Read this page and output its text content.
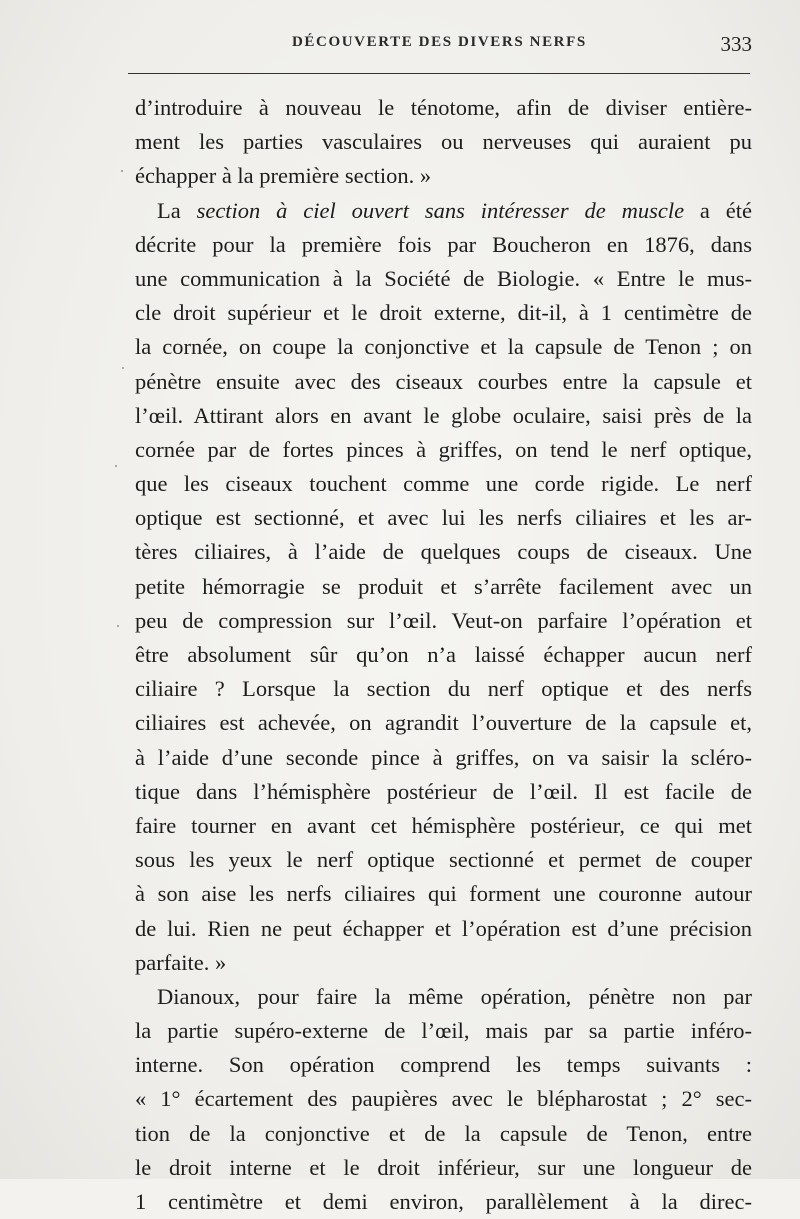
DÉCOUVERTE DES DIVERS NERFS	333
d’introduire à nouveau le ténotome, afin de diviser entière-
ment les parties vasculaires ou nerveuses qui auraient pu
échapper à la première section. »
La section à ciel ouvert sans intéresser de muscle a été
décrite pour la première fois par Boucheron en 1876, dans
une communication à la Société de Biologie. « Entre le mus-
cle droit supérieur et le droit externe, dit-il, à 1 centimètre de
la cornée, on coupe la conjonctive et la capsule de Tenon ; on
pénètre ensuite avec des ciseaux courbes entre la capsule et
l’œil. Attirant alors en avant le globe oculaire, saisi près de la
cornée par de fortes pinces à griffes, on tend le nerf optique,
que les ciseaux touchent comme une corde rigide. Le nerf
optique est sectionné, et avec lui les nerfs ciliaires et les ar-
tères ciliaires, à l’aide de quelques coups de ciseaux. Une
petite hémorragie se produit et s’arrête facilement avec un
peu de compression sur l’œil. Veut-on parfaire l’opération et
être absolument sûr qu’on n’a laissé échapper aucun nerf
ciliaire ? Lorsque la section du nerf optique et des nerfs
ciliaires est achevée, on agrandit l’ouverture de la capsule et,
à l’aide d’une seconde pince à griffes, on va saisir la scléro-
tique dans l’hémisphère postérieur de l’œil. Il est facile de
faire tourner en avant cet hémisphère postérieur, ce qui met
sous les yeux le nerf optique sectionné et permet de couper
à son aise les nerfs ciliaires qui forment une couronne autour
de lui. Rien ne peut échapper et l’opération est d’une précision
parfaite. »
Dianoux, pour faire la même opération, pénètre non par
la partie supéro-externe de l’œil, mais par sa partie inféro-
interne. Son opération comprend les temps suivants :
« 1° écartement des paupières avec le blépharostat ; 2° sec-
tion de la conjonctive et de la capsule de Tenon, entre
le droit interne et le droit inférieur, sur une longueur de
1 centimètre et demi environ, parallèlement à la direc-
